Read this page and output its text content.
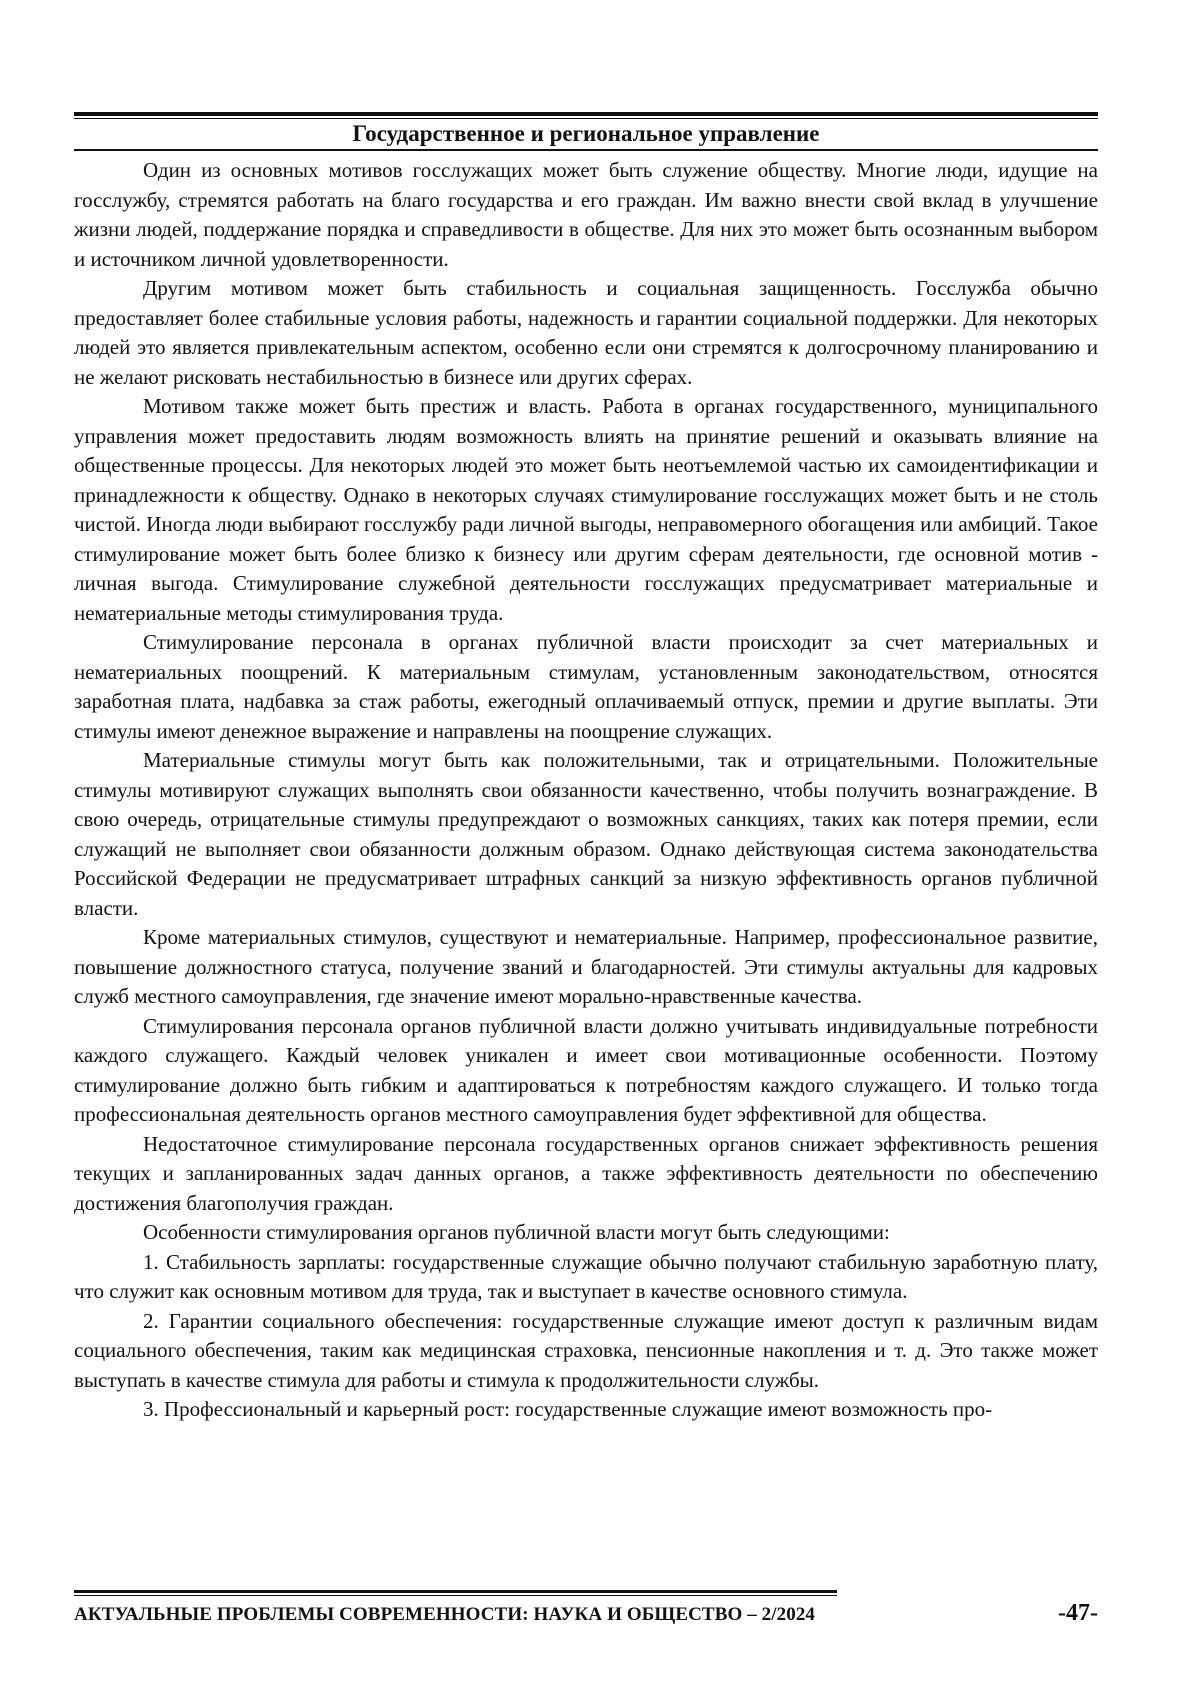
Государственное и региональное управление

Один из основных мотивов госслужащих может быть служение обществу. Многие люди, идущие на госслужбу, стремятся работать на благо государства и его граждан. Им важно внести свой вклад в улучшение жизни людей, поддержание порядка и справедливости в обществе. Для них это может быть осознанным выбором и источником личной удовлетворенности.

Другим мотивом может быть стабильность и социальная защищенность. Госслужба обычно предоставляет более стабильные условия работы, надежность и гарантии социальной поддержки. Для некоторых людей это является привлекательным аспектом, особенно если они стремятся к долгосрочному планированию и не желают рисковать нестабильностью в бизнесе или других сферах.

Мотивом также может быть престиж и власть. Работа в органах государственного, муниципального управления может предоставить людям возможность влиять на принятие решений и оказывать влияние на общественные процессы. Для некоторых людей это может быть неотъемлемой частью их самоидентификации и принадлежности к обществу. Однако в некоторых случаях стимулирование госслужащих может быть и не столь чистой. Иногда люди выбирают госслужбу ради личной выгоды, неправомерного обогащения или амбиций. Такое стимулирование может быть более близко к бизнесу или другим сферам деятельности, где основной мотив - личная выгода. Стимулирование служебной деятельности госслужащих предусматривает материальные и нематериальные методы стимулирования труда.

Стимулирование персонала в органах публичной власти происходит за счет материальных и нематериальных поощрений. К материальным стимулам, установленным законодательством, относятся заработная плата, надбавка за стаж работы, ежегодный оплачиваемый отпуск, премии и другие выплаты. Эти стимулы имеют денежное выражение и направлены на поощрение служащих.

Материальные стимулы могут быть как положительными, так и отрицательными. Положительные стимулы мотивируют служащих выполнять свои обязанности качественно, чтобы получить вознаграждение. В свою очередь, отрицательные стимулы предупреждают о возможных санкциях, таких как потеря премии, если служащий не выполняет свои обязанности должным образом. Однако действующая система законодательства Российской Федерации не предусматривает штрафных санкций за низкую эффективность органов публичной власти.

Кроме материальных стимулов, существуют и нематериальные. Например, профессиональное развитие, повышение должностного статуса, получение званий и благодарностей. Эти стимулы актуальны для кадровых служб местного самоуправления, где значение имеют морально-нравственные качества.

Стимулирования персонала органов публичной власти должно учитывать индивидуальные потребности каждого служащего. Каждый человек уникален и имеет свои мотивационные особенности. Поэтому стимулирование должно быть гибким и адаптироваться к потребностям каждого служащего. И только тогда профессиональная деятельность органов местного самоуправления будет эффективной для общества.

Недостаточное стимулирование персонала государственных органов снижает эффективность решения текущих и запланированных задач данных органов, а также эффективность деятельности по обеспечению достижения благополучия граждан.

Особенности стимулирования органов публичной власти могут быть следующими:

1. Стабильность зарплаты: государственные служащие обычно получают стабильную заработную плату, что служит как основным мотивом для труда, так и выступает в качестве основного стимула.

2. Гарантии социального обеспечения: государственные служащие имеют доступ к различным видам социального обеспечения, таким как медицинская страховка, пенсионные накопления и т. д. Это также может выступать в качестве стимула для работы и стимула к продолжительности службы.

3. Профессиональный и карьерный рост: государственные служащие имеют возможность про-

АКТУАЛЬНЫЕ ПРОБЛЕМЫ СОВРЕМЕННОСТИ: НАУКА И ОБЩЕСТВО – 2/2024	-47-
